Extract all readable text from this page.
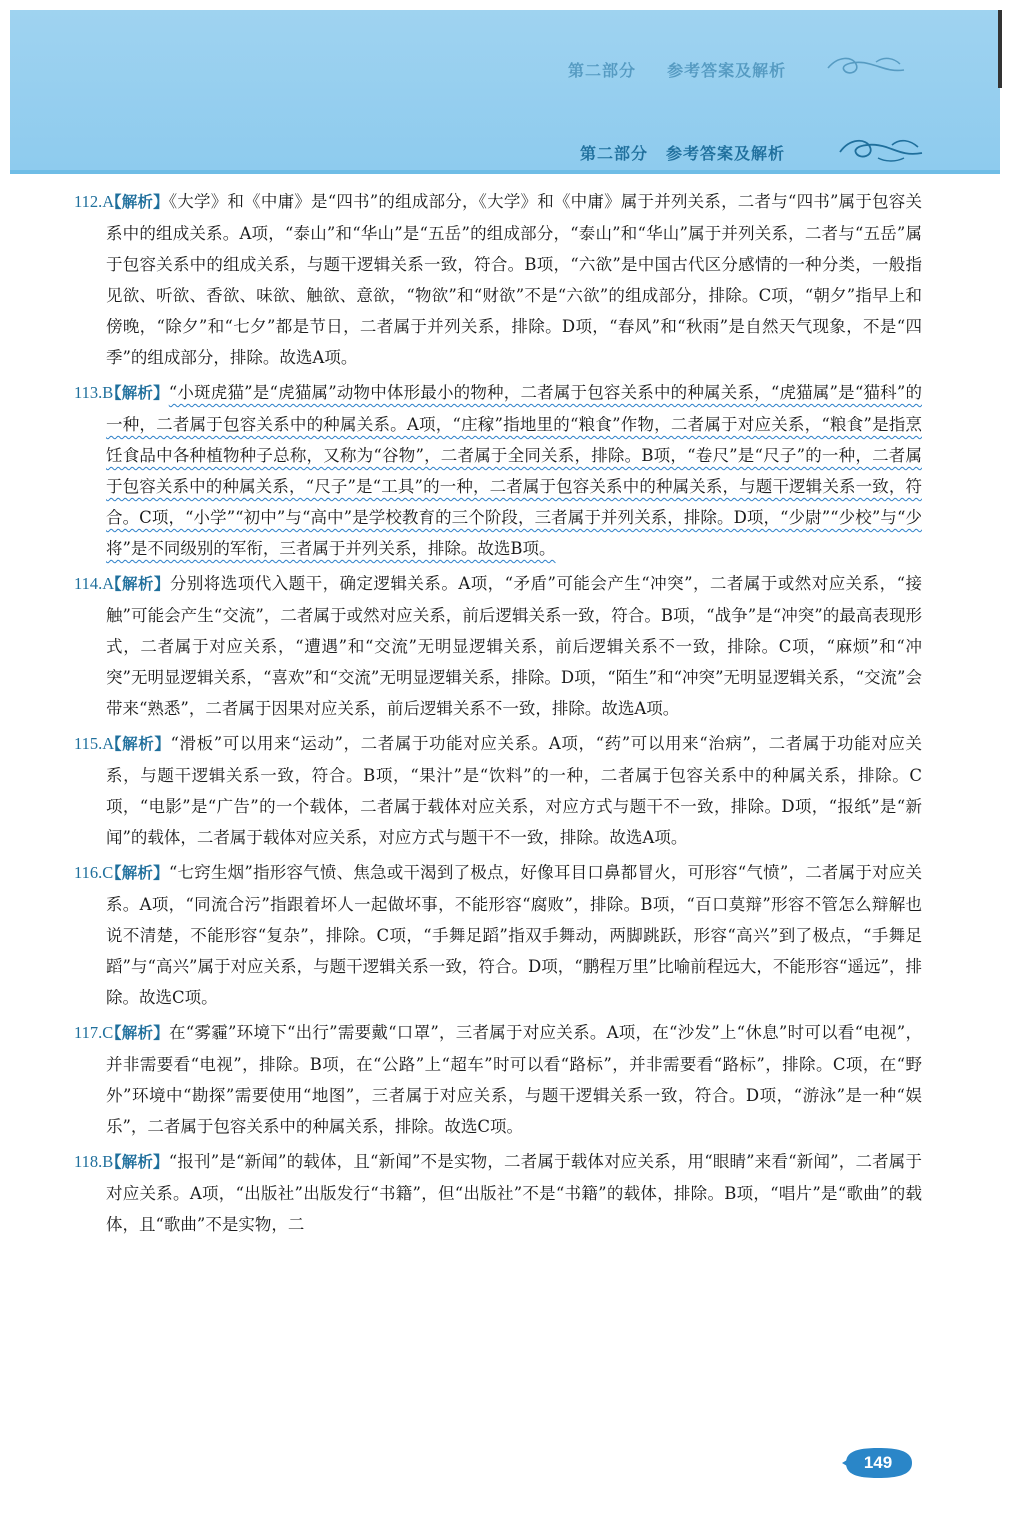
第二部分 参考答案及解析
第二部分 参考答案及解析
112.A
【解析】《大学》和《中庸》是“四书”的组成部分，《大学》和《中庸》属于并列关系，二者与“四书”属于包容关系中的组成关系。A项，“泰山”和“华山”是“五岳”的组成部分，“泰山”和“华山”属于并列关系，二者与“五岳”属于包容关系中的组成关系，与题干逻辑关系一致，符合。B项，“六欲”是中国古代区分感情的一种分类，一般指见欲、听欲、香欲、味欲、触欲、意欲，“物欲”和“财欲”不是“六欲”的组成部分，排除。C项，“朝夕”指早上和傍晚，“除夕”和“七夕”都是节日，二者属于并列关系，排除。D项，“春风”和“秋雨”是自然天气现象，不是“四季”的组成部分，排除。故选A项。
113.B
【解析】“小斑虎猫”是“虎猫属”动物中体形最小的物种，二者属于包容关系中的种属关系，“虎猫属”是“猫科”的一种，二者属于包容关系中的种属关系。A项，“庄稼”指地里的“粮食”作物，二者属于对应关系，“粮食”是指烹饪食品中各种植物种子总称，又称为“谷物”，二者属于全同关系，排除。B项，“卷尺”是“尺子”的一种，二者属于包容关系中的种属关系，“尺子”是“工具”的一种，二者属于包容关系中的种属关系，与题干逻辑关系一致，符合。C项，“小学”“初中”与“高中”是学校教育的三个阶段，三者属于并列关系，排除。D项，“少尉”“少校”与“少将”是不同级别的军衔，三者属于并列关系，排除。故选B项。
114.A
【解析】分别将选项代入题干，确定逻辑关系。A项，“矛盾”可能会产生“冲突”，二者属于或然对应关系，“接触”可能会产生“交流”，二者属于或然对应关系，前后逻辑关系一致，符合。B项，“战争”是“冲突”的最高表现形式，二者属于对应关系，“遭遇”和“交流”无明显逻辑关系，前后逻辑关系不一致，排除。C项，“麻烦”和“冲突”无明显逻辑关系，“喜欢”和“交流”无明显逻辑关系，排除。D项，“陌生”和“冲突”无明显逻辑关系，“交流”会带来“熟悉”，二者属于因果对应关系，前后逻辑关系不一致，排除。故选A项。
115.A
【解析】“滑板”可以用来“运动”，二者属于功能对应关系。A项，“药”可以用来“治病”，二者属于功能对应关系，与题干逻辑关系一致，符合。B项，“果汁”是“饮料”的一种，二者属于包容关系中的种属关系，排除。C项，“电影”是“广告”的一个载体，二者属于载体对应关系，对应方式与题干不一致，排除。D项，“报纸”是“新闻”的载体，二者属于载体对应关系，对应方式与题干不一致，排除。故选A项。
116.C
【解析】“七窍生烟”指形容气愤、焦急或干渴到了极点，好像耳目口鼻都冒火，可形容“气愤”，二者属于对应关系。A项，“同流合污”指跟着坏人一起做坏事，不能形容“腐败”，排除。B项，“百口莫辩”形容不管怎么辩解也说不清楚，不能形容“复杂”，排除。C项，“手舞足蹈”指双手舞动，两脚跳跃，形容“高兴”到了极点，“手舞足蹈”与“高兴”属于对应关系，与题干逻辑关系一致，符合。D项，“鹏程万里”比喻前程远大，不能形容“遥远”，排除。故选C项。
117.C
【解析】在“雾霾”环境下“出行”需要戴“口罩”，三者属于对应关系。A项，在“沙发”上“休息”时可以看“电视”，并非需要看“电视”，排除。B项，在“公路”上“超车”时可以看“路标”，并非需要看“路标”，排除。C项，在“野外”环境中“勘探”需要使用“地图”，三者属于对应关系，与题干逻辑关系一致，符合。D项，“游泳”是一种“娱乐”，二者属于包容关系中的种属关系，排除。故选C项。
118.B
【解析】“报刊”是“新闻”的载体，且“新闻”不是实物，二者属于载体对应关系，用“眼睛”来看“新闻”，二者属于对应关系。A项，“出版社”出版发行“书籍”，但“出版社”不是“书籍”的载体，排除。B项，“唱片”是“歌曲”的载体，且“歌曲”不是实物，二
149
